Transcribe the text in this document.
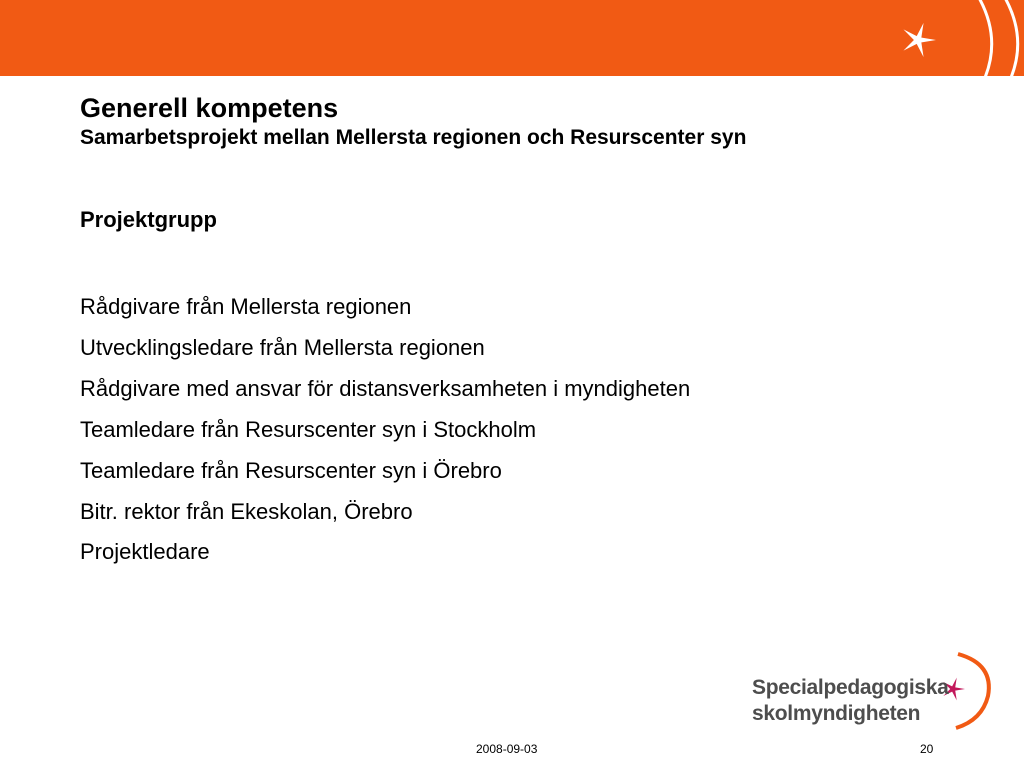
Generell kompetens
Samarbetsprojekt mellan Mellersta regionen och Resurscenter syn
Projektgrupp
Rådgivare från Mellersta regionen
Utvecklingsledare från Mellersta regionen
Rådgivare med ansvar för distansverksamheten i myndigheten
Teamledare från Resurscenter syn i Stockholm
Teamledare från Resurscenter syn i Örebro
Bitr. rektor från Ekeskolan, Örebro
Projektledare
Specialpedagogiska
skolmyndigheten
2008-09-03	20
